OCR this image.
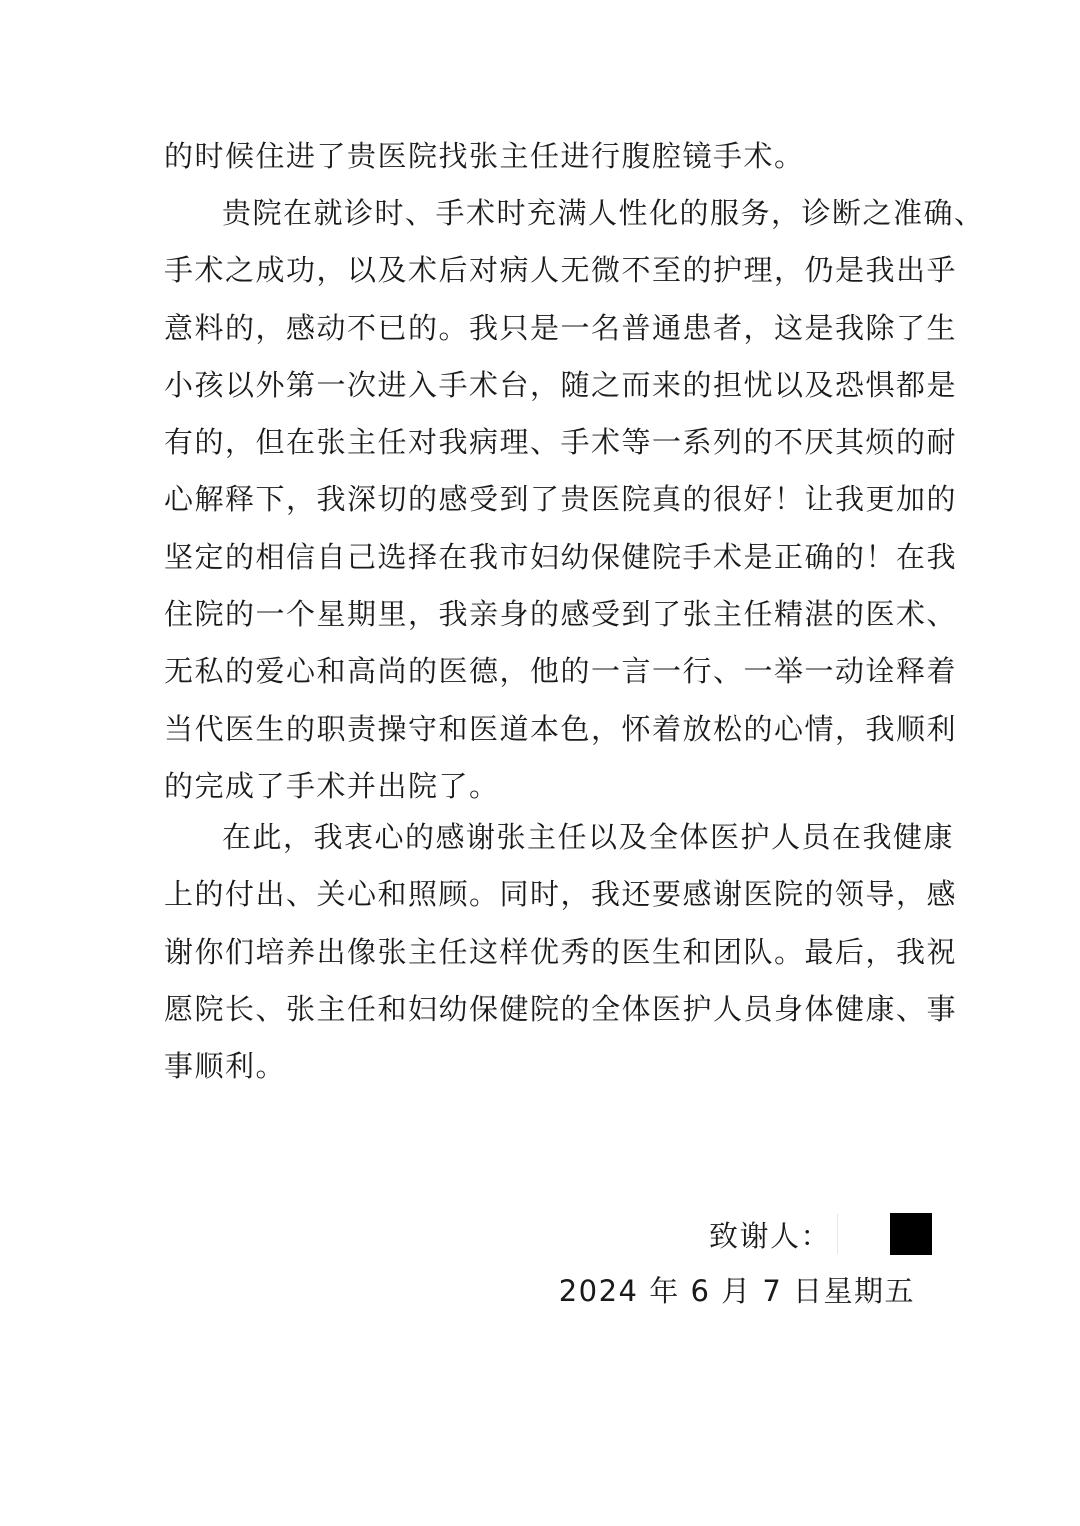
的时候住进了贵医院找张主任进行腹腔镜手术。
贵院在就诊时、手术时充满人性化的服务，诊断之准确、
手术之成功，以及术后对病人无微不至的护理，仍是我出乎
意料的，感动不已的。我只是一名普通患者，这是我除了生
小孩以外第一次进入手术台，随之而来的担忧以及恐惧都是
有的，但在张主任对我病理、手术等一系列的不厌其烦的耐
心解释下，我深切的感受到了贵医院真的很好！让我更加的
坚定的相信自己选择在我市妇幼保健院手术是正确的！在我
住院的一个星期里，我亲身的感受到了张主任精湛的医术、
无私的爱心和高尚的医德，他的一言一行、一举一动诠释着
当代医生的职责操守和医道本色，怀着放松的心情，我顺利
的完成了手术并出院了。
在此，我衷心的感谢张主任以及全体医护人员在我健康
上的付出、关心和照顾。同时，我还要感谢医院的领导，感
谢你们培养出像张主任这样优秀的医生和团队。最后，我祝
愿院长、张主任和妇幼保健院的全体医护人员身体健康、事
事顺利。
致谢人：
2024 年 6 月 7 日星期五
